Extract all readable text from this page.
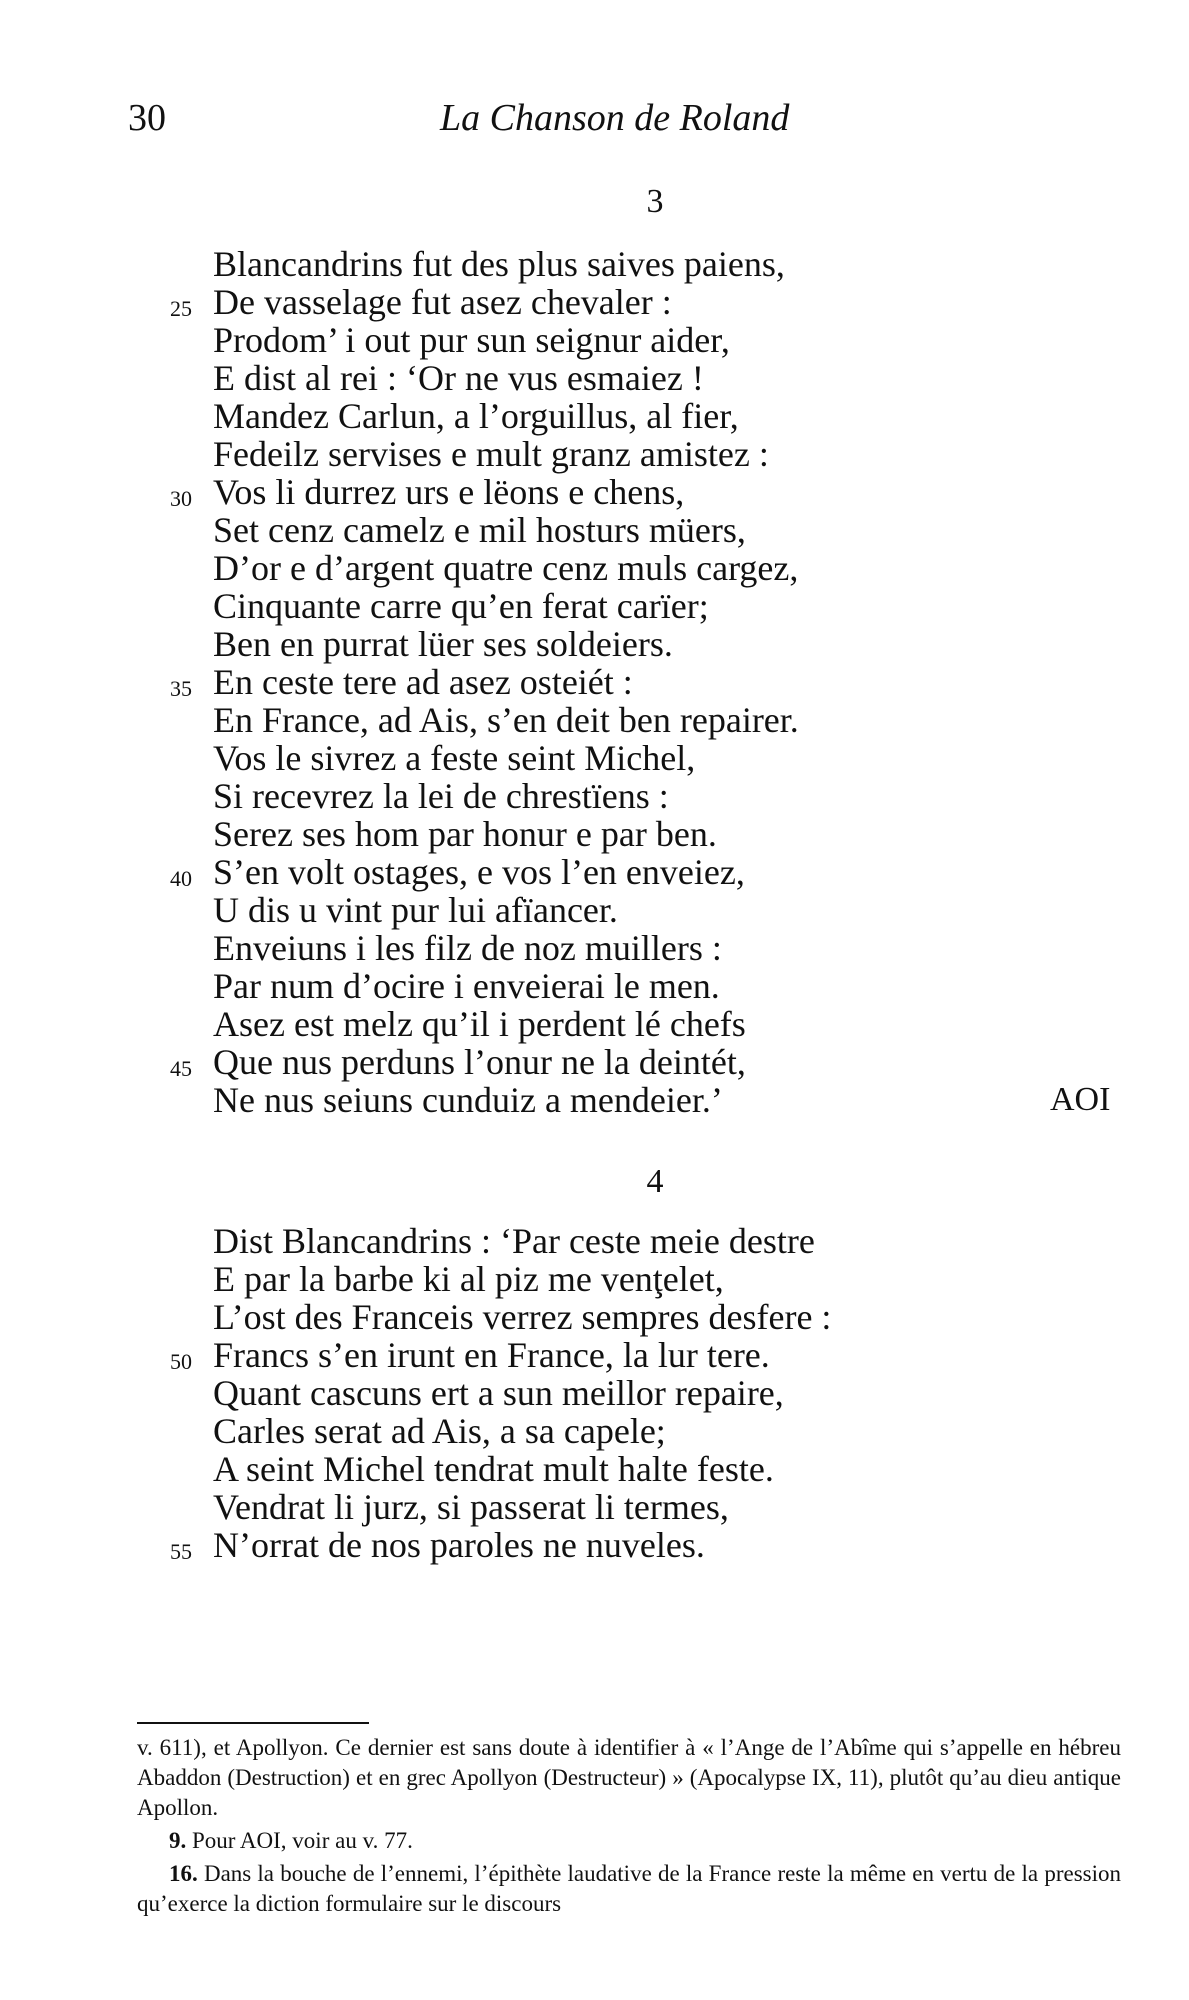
30	La Chanson de Roland
3
Blancandrins fut des plus saives paiens,
25 De vasselage fut asez chevaler :
Prodom’ i out pur sun seignur aider,
E dist al rei : ‘Or ne vus esmaiez !
Mandez Carlun, a l’orguillus, al fier,
Fedeilz servises e mult granz amistez :
30 Vos li durrez urs e lëons e chens,
Set cenz camelz e mil hosturs müers,
D’or e d’argent quatre cenz muls cargez,
Cinquante carre qu’en ferat carïer;
Ben en purrat lüer ses soldeiers.
35 En ceste tere ad asez osteiét :
En France, ad Ais, s’en deit ben repairer.
Vos le sivrez a feste seint Michel,
Si recevrez la lei de chrestïens :
Serez ses hom par honur e par ben.
40 S’en volt ostages, e vos l’en enveiez,
U dis u vint pur lui afïancer.
Enveiuns i les filz de noz muillers :
Par num d’ocire i enveierai le men.
Asez est melz qu’il i perdent lé chefs
45 Que nus perduns l’onur ne la deintét,
Ne nus seiuns cunduiz a mendeier.’	AOI
4
Dist Blancandrins : ‘Par ceste meie destre
E par la barbe ki al piz me venţelet,
L’ost des Franceis verrez sempres desfere :
50 Francs s’en irunt en France, la lur tere.
Quant cascuns ert a sun meillor repaire,
Carles serat ad Ais, a sa capele;
A seint Michel tendrat mult halte feste.
Vendrat li jurz, si passerat li termes,
55 N’orrat de nos paroles ne nuveles.

v. 611), et Apollyon. Ce dernier est sans doute à identifier à « l’Ange de l’Abîme qui s’appelle en hébreu Abaddon (Destruction) et en grec Apollyon (Destructeur) » (Apocalypse IX, 11), plutôt qu’au dieu antique Apollon.

9. Pour AOI, voir au v. 77.

16. Dans la bouche de l’ennemi, l’épithète laudative de la France reste la même en vertu de la pression qu’exerce la diction formulaire sur le discours
